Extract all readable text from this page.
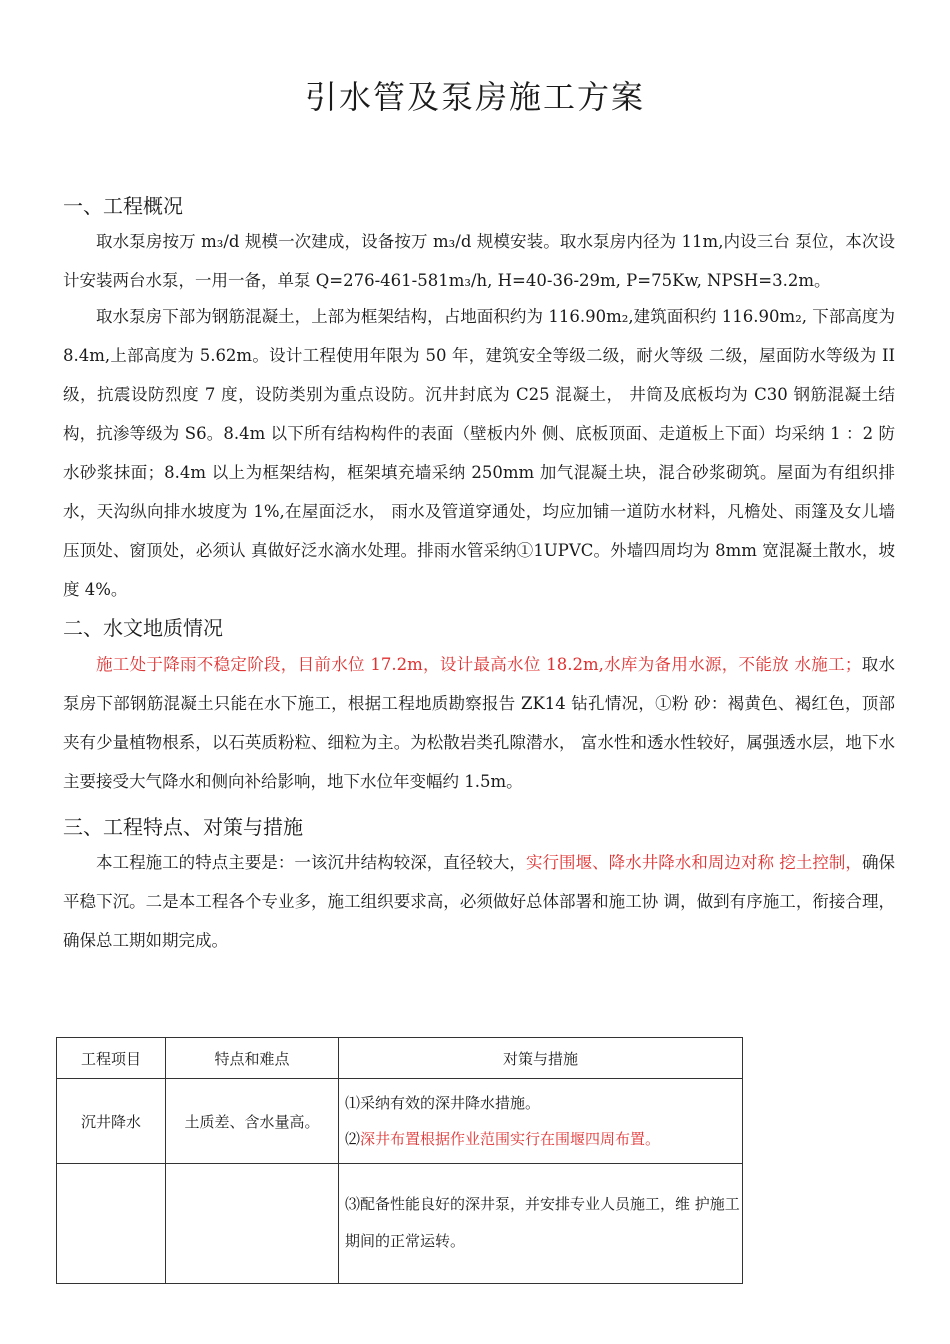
引水管及泵房施工方案
一、工程概况

取水泵房按万 m₃/d 规模一次建成，设备按万 m₃/d 规模安装。取水泵房内径为 11m,内设三台 泵位，本次设计安装两台水泵，一用一备，单泵 Q=276-461-581m₃/h, H=40-36-29m, P=75Kw, NPSH=3.2m。

取水泵房下部为钢筋混凝土，上部为框架结构，占地面积约为 116.90m₂,建筑面积约 116.90m₂, 下部高度为 8.4m,上部高度为 5.62m。设计工程使用年限为 50 年，建筑安全等级二级，耐火等级 二级，屋面防水等级为 II 级，抗震设防烈度 7 度，设防类别为重点设防。沉井封底为 C25 混凝土， 井筒及底板均为 C30 钢筋混凝土结构，抗渗等级为 S6。8.4m 以下所有结构构件的表面（壁板内外 侧、底板顶面、走道板上下面）均采纳 1 ：2 防水砂浆抹面；8.4m 以上为框架结构，框架填充墙采纳 250mm 加气混凝土块，混合砂浆砌筑。屋面为有组织排水，天沟纵向排水坡度为 1%,在屋面泛水， 雨水及管道穿通处，均应加铺一道防水材料，凡檐处、雨篷及女儿墙压顶处、窗顶处，必须认 真做好泛水滴水处理。排雨水管采纳①1UPVC。外墙四周均为 8mm 宽混凝土散水，坡度 4%。

二、水文地质情况

施工处于降雨不稳定阶段，目前水位 17.2m，设计最高水位 18.2m,水库为备用水源，不能放 水施工；取水泵房下部钢筋混凝土只能在水下施工，根据工程地质勘察报告 ZK14 钻孔情况，①粉 砂：褐黄色、褐红色，顶部夹有少量植物根系，以石英质粉粒、细粒为主。为松散岩类孔隙潜水， 富水性和透水性较好，属强透水层，地下水主要接受大气降水和侧向补给影响，地下水位年变幅约 1.5m。

三、工程特点、对策与措施

本工程施工的特点主要是：一该沉井结构较深，直径较大，实行围堰、降水井降水和周边对称 挖土控制，确保平稳下沉。二是本工程各个专业多，施工组织要求高，必须做好总体部署和施工协 调，做到有序施工，衔接合理，确保总工期如期完成。

工程项目	特点和难点	对策与措施
沉井降水	土质差、含水量高。	⑴采纳有效的深井降水措施。
⑵深井布置根据作业范围实行在围堰四周布置。

		⑶配备性能良好的深井泵，并安排专业人员施工，维 护施工期间的正常运转。
